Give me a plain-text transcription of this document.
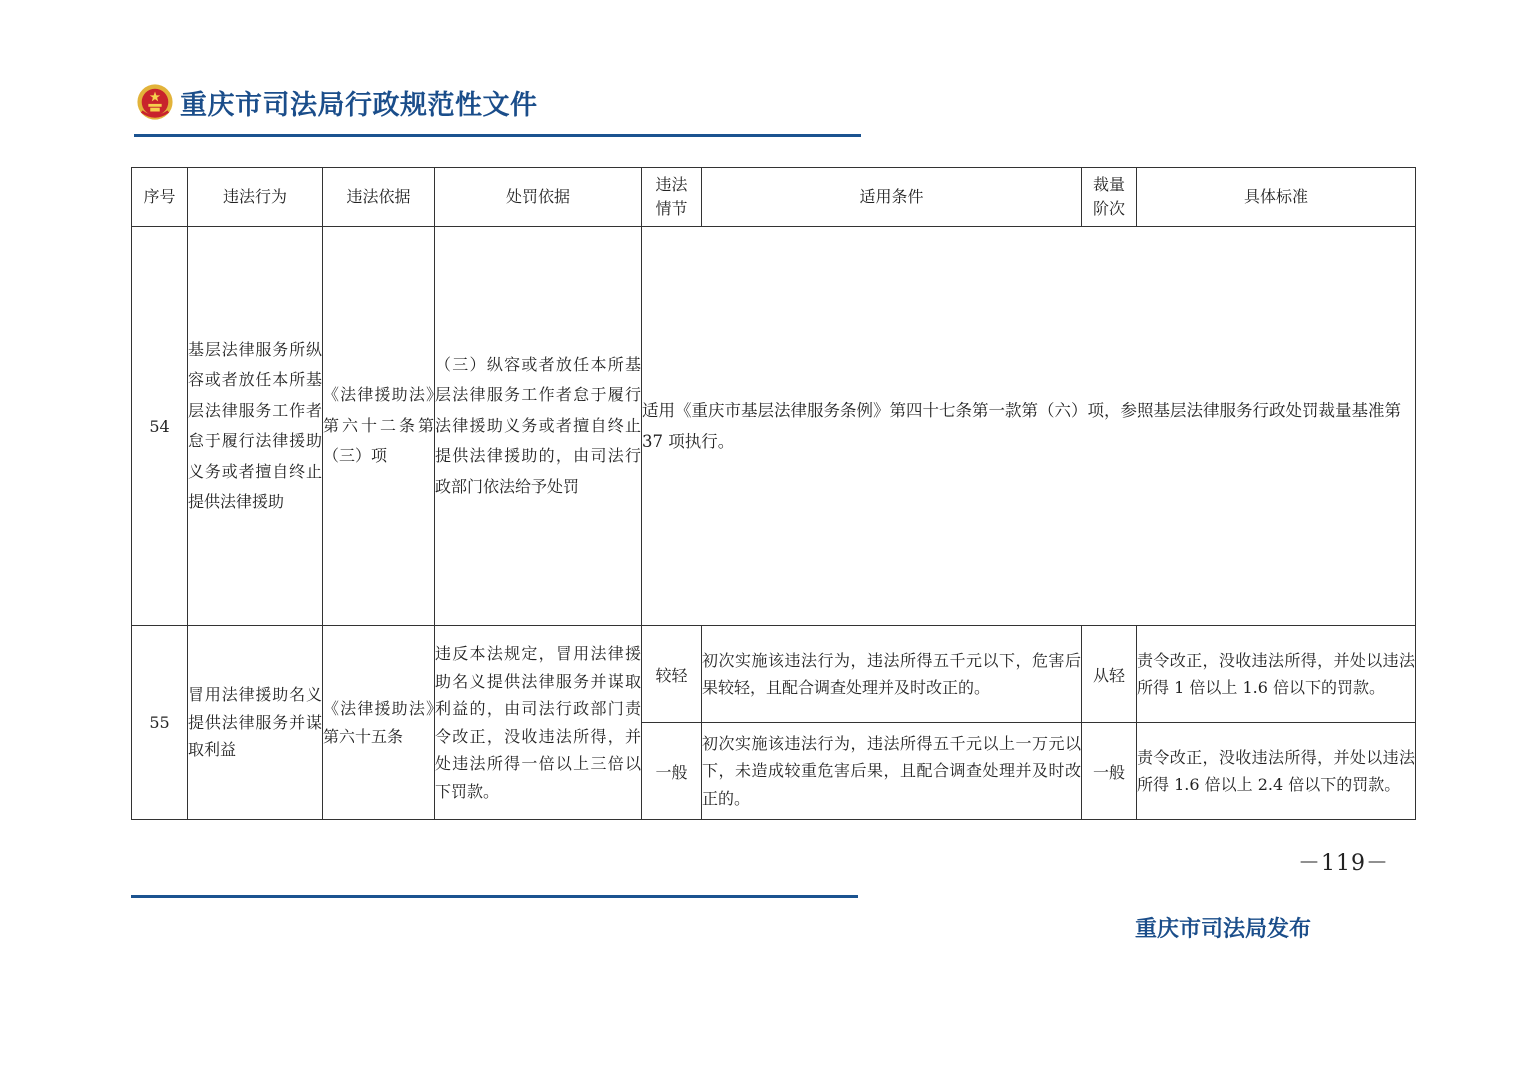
重庆市司法局行政规范性文件
序号	违法行为	违法依据	处罚依据	违法情节	适用条件	裁量阶次	具体标准
54	基层法律服务所纵容或者放任本所基层法律服务工作者怠于履行法律援助义务或者擅自终止提供法律援助	《法律援助法》第六十二条第（三）项	（三）纵容或者放任本所基层法律服务工作者怠于履行法律援助义务或者擅自终止提供法律援助的，由司法行政部门依法给予处罚	适用《重庆市基层法律服务条例》第四十七条第一款第（六）项，参照基层法律服务行政处罚裁量基准第 37 项执行。			
55	冒用法律援助名义提供法律服务并谋取利益	《法律援助法》第六十五条	违反本法规定，冒用法律援助名义提供法律服务并谋取利益的，由司法行政部门责令改正，没收违法所得，并处违法所得一倍以上三倍以下罚款。	较轻	初次实施该违法行为，违法所得五千元以下，危害后果较轻，且配合调查处理并及时改正的。	从轻	责令改正，没收违法所得，并处以违法所得 1 倍以上 1.6 倍以下的罚款。
				一般	初次实施该违法行为，违法所得五千元以上一万元以下，未造成较重危害后果，且配合调查处理并及时改正的。	一般	责令改正，没收违法所得，并处以违法所得 1.6 倍以上 2.4 倍以下的罚款。
－119－
重庆市司法局发布
